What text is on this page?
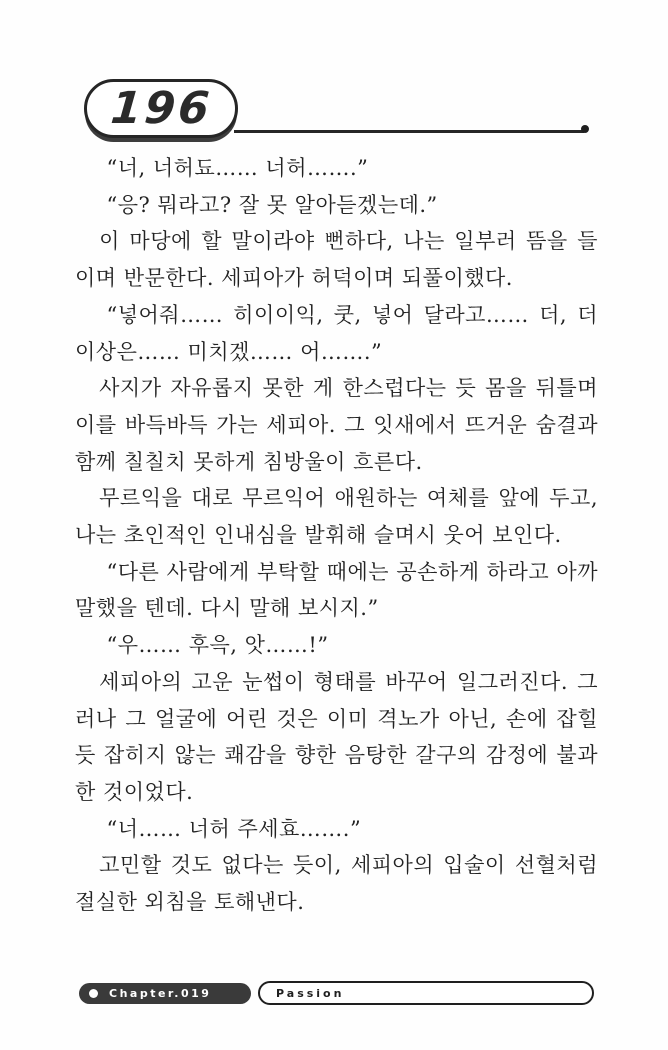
196

“너, 너허됴…… 너허…….”

“응? 뭐라고? 잘 못 알아듣겠는데.”

이 마당에 할 말이라야 뻔하다, 나는 일부러 뜸을 들이며 반문한다. 세피아가 허덕이며 되풀이했다.

“넣어줘…… 히이이익, 쿳, 넣어 달라고…… 더, 더 이상은…… 미치겠…… 어…….”

사지가 자유롭지 못한 게 한스럽다는 듯 몸을 뒤틀며 이를 바득바득 가는 세피아. 그 잇새에서 뜨거운 숨결과 함께 칠칠치 못하게 침방울이 흐른다.

무르익을 대로 무르익어 애원하는 여체를 앞에 두고, 나는 초인적인 인내심을 발휘해 슬며시 웃어 보인다.

“다른 사람에게 부탁할 때에는 공손하게 하라고 아까 말했을 텐데. 다시 말해 보시지.”

“우…… 후윽, 앗……!”

세피아의 고운 눈썹이 형태를 바꾸어 일그러진다. 그러나 그 얼굴에 어린 것은 이미 격노가 아닌, 손에 잡힐 듯 잡히지 않는 쾌감을 향한 음탕한 갈구의 감정에 불과한 것이었다.

“너…… 너허 주세효…….”

고민할 것도 없다는 듯이, 세피아의 입술이 선혈처럼 절실한 외침을 토해낸다.

Chapter.019	Passion
